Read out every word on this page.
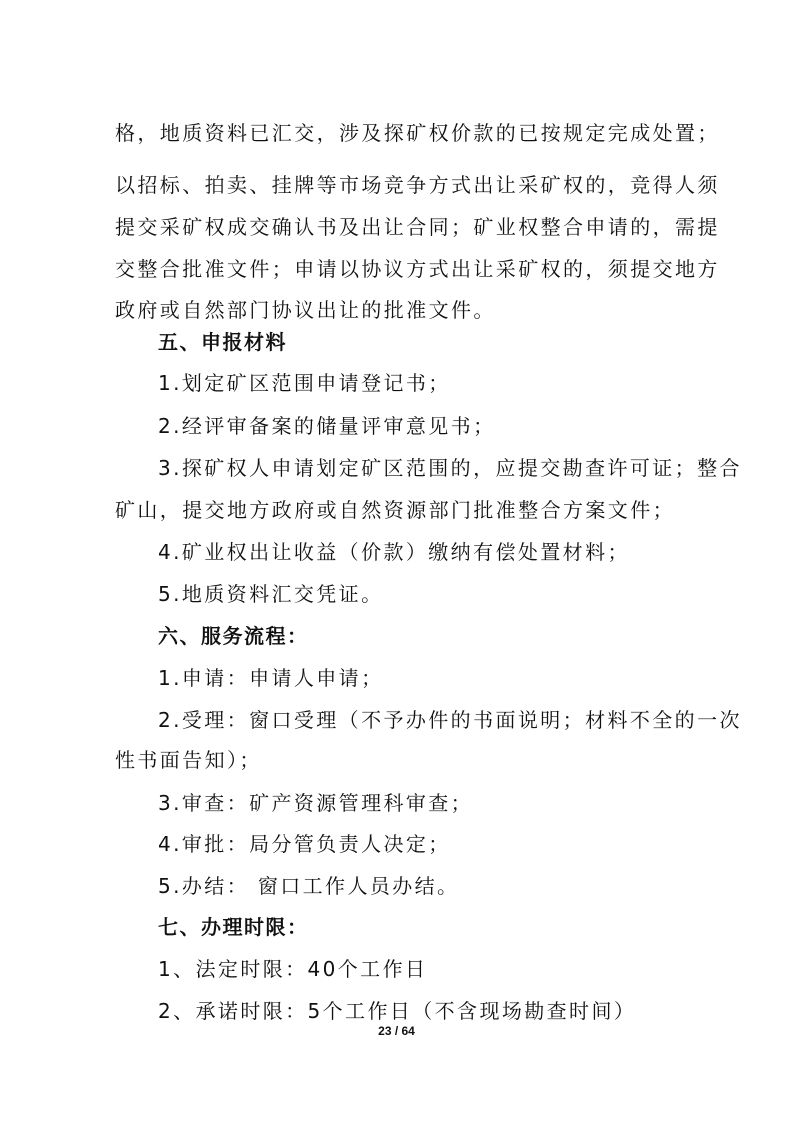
格，地质资料已汇交，涉及探矿权价款的已按规定完成处置；
以招标、拍卖、挂牌等市场竞争方式出让采矿权的，竞得人须
提交采矿权成交确认书及出让合同；矿业权整合申请的，需提
交整合批准文件；申请以协议方式出让采矿权的，须提交地方
政府或自然部门协议出让的批准文件。
五、申报材料
1.划定矿区范围申请登记书；
2.经评审备案的储量评审意见书；
3.探矿权人申请划定矿区范围的，应提交勘查许可证；整合
矿山，提交地方政府或自然资源部门批准整合方案文件；
4.矿业权出让收益（价款）缴纳有偿处置材料；
5.地质资料汇交凭证。
六、服务流程：
1.申请：申请人申请；
2.受理：窗口受理（不予办件的书面说明；材料不全的一次
性书面告知）；
3.审查：矿产资源管理科审查；
4.审批：局分管负责人决定；
5.办结： 窗口工作人员办结。
七、办理时限：
1、法定时限：40个工作日
2、承诺时限：5个工作日（不含现场勘查时间）
23 / 64
